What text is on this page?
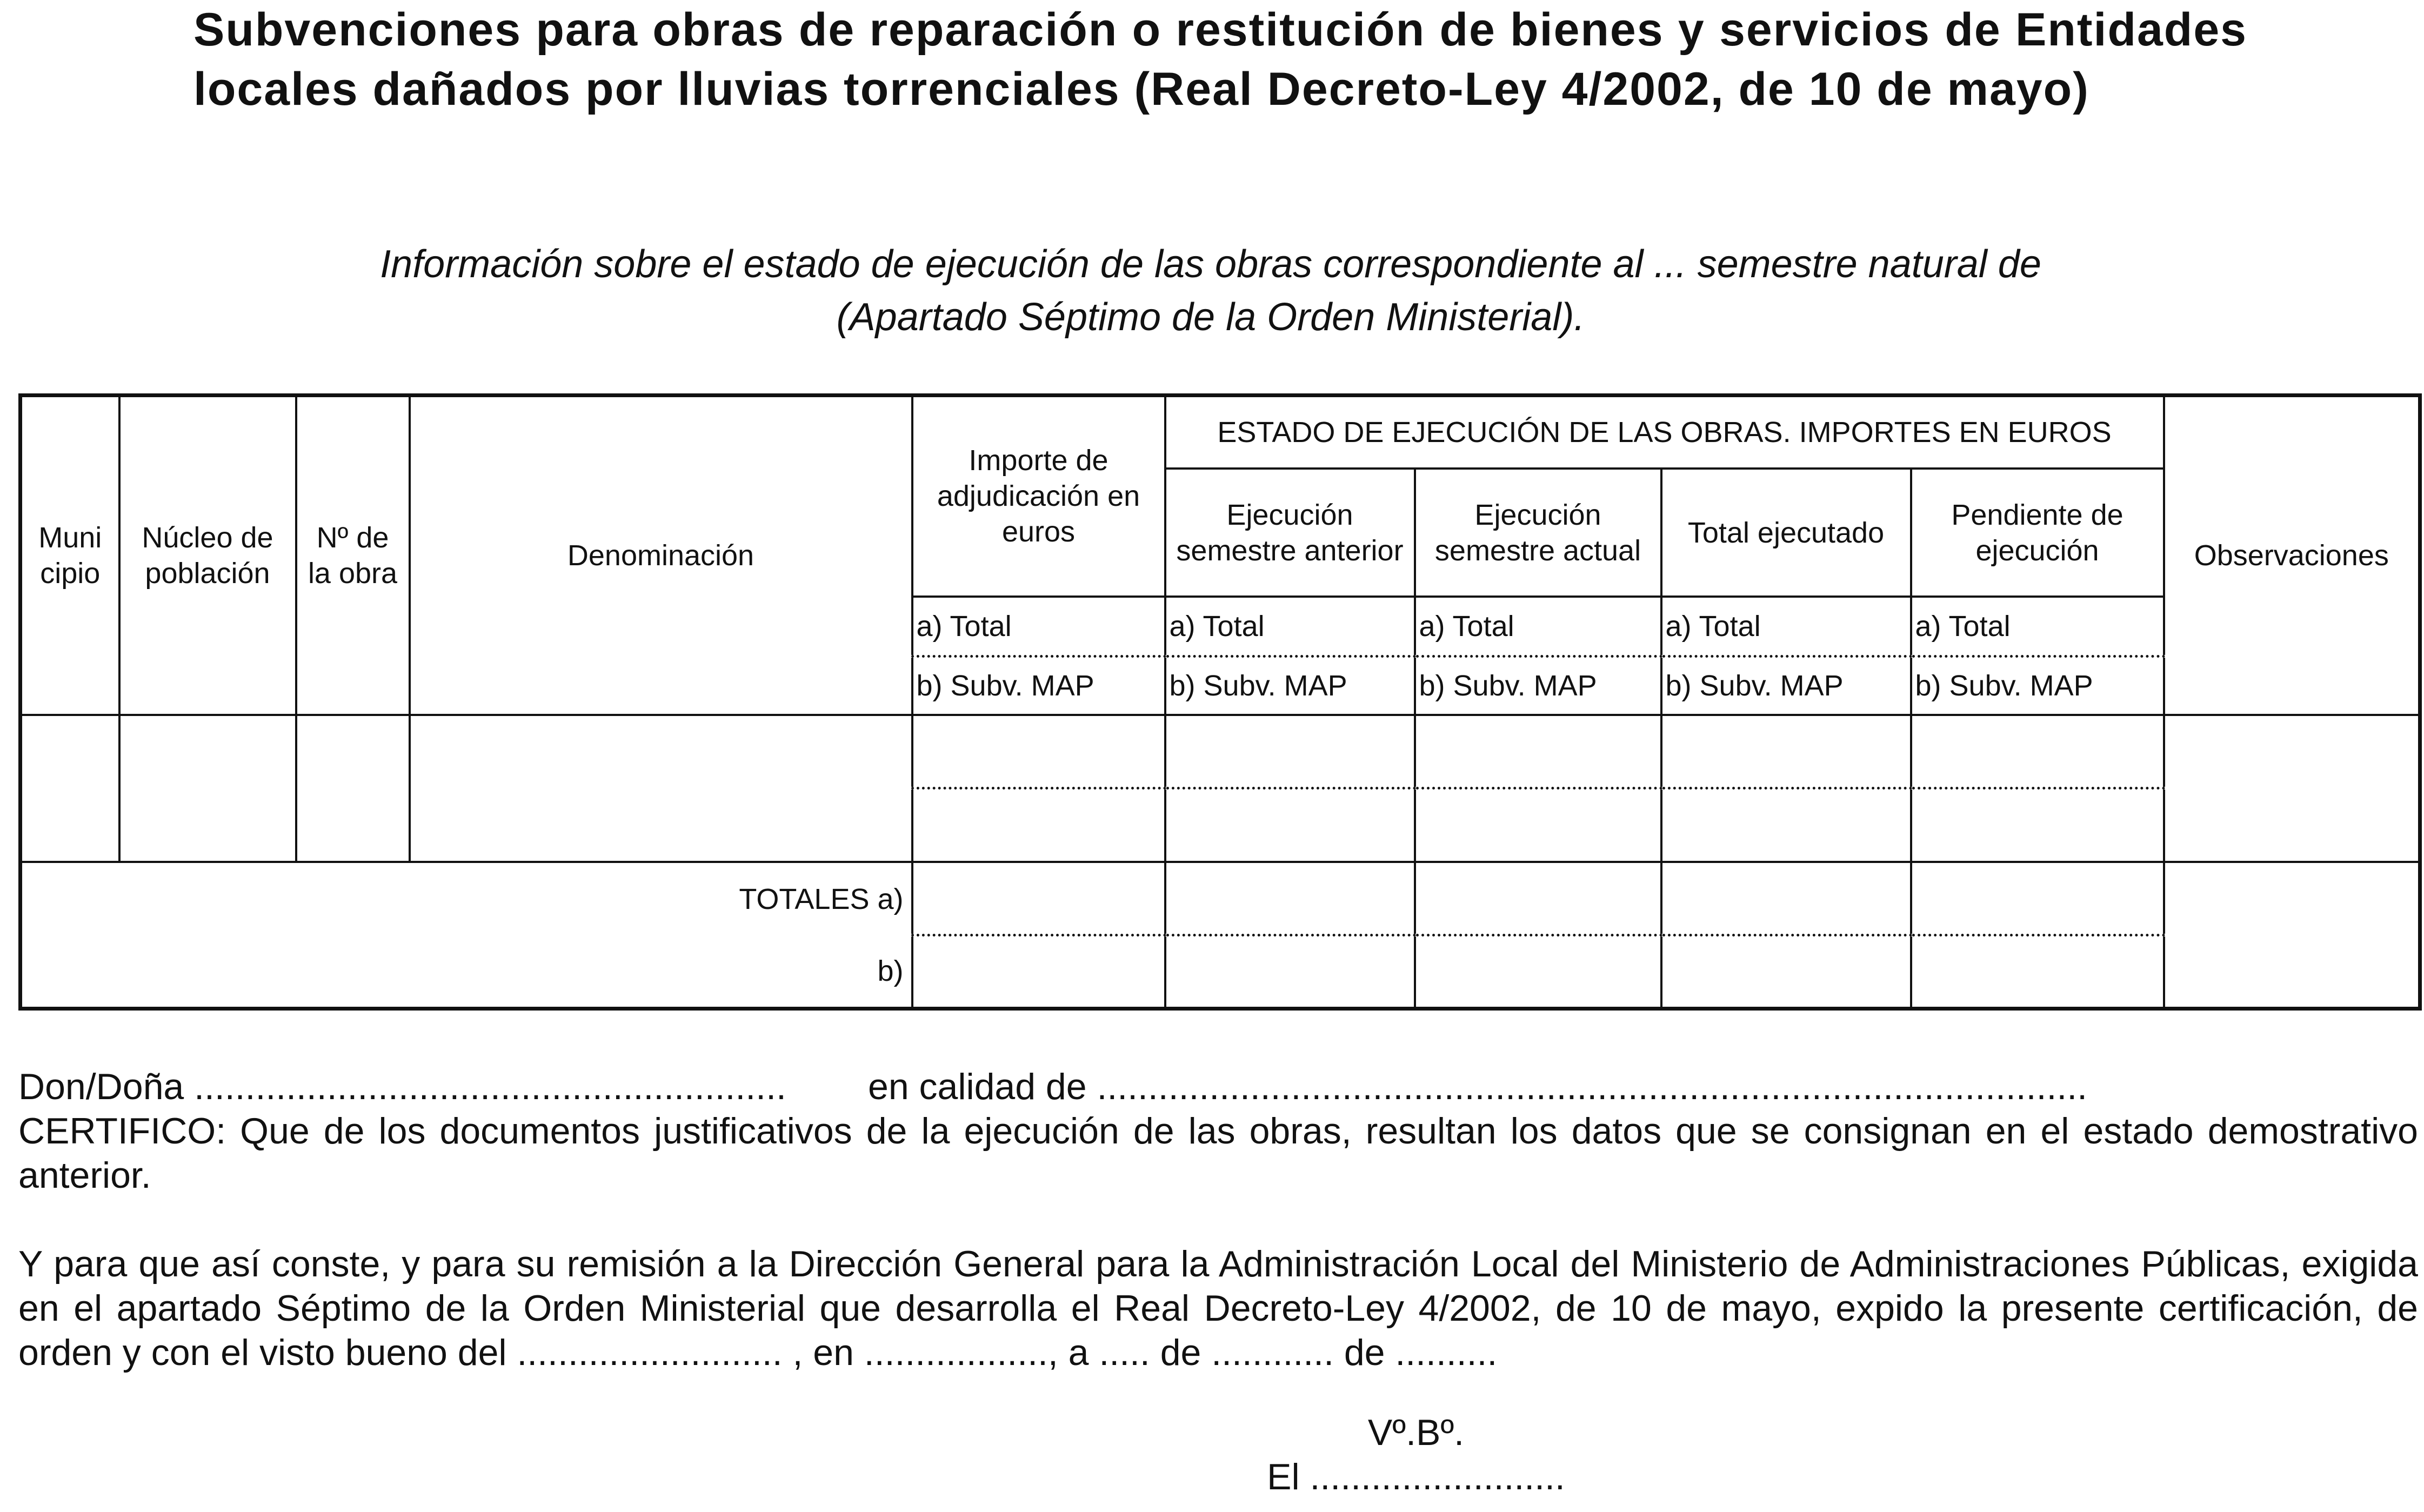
Subvenciones para obras de reparación o restitución de bienes y servicios de Entidades locales dañados por lluvias torrenciales (Real Decreto-Ley 4/2002, de 10 de mayo)
Información sobre el estado de ejecución de las obras correspondiente al ... semestre natural de
(Apartado Séptimo de la Orden Ministerial).
Muni cipio	Núcleo de población	Nº de la obra	Denominación	Importe de adjudicación en euros	ESTADO DE EJECUCIÓN DE LAS OBRAS. IMPORTES EN EUROS				Observaciones
					Ejecución semestre anterior	Ejecución semestre actual	Total ejecutado	Pendiente de ejecución	
				a) Total	a) Total	a) Total	a) Total	a) Total	
				b) Subv. MAP	b) Subv. MAP	b) Subv. MAP	b) Subv. MAP	b) Subv. MAP	

TOTALES a)									
b)									

Don/Doña .......................................................... en calidad de .................................................................................................

CERTIFICO: Que de los documentos justificativos de la ejecución de las obras, resultan los datos que se consignan en el estado demostrativo anterior.

Y para que así conste, y para su remisión a la Dirección General para la Administración Local del Ministerio de Administraciones Públicas, exigida en el apartado Séptimo de la Orden Ministerial que desarrolla el Real Decreto-Ley 4/2002, de 10 de mayo, expido la presente certificación, de orden y con el visto bueno del .......................... , en .................., a ..... de ............ de ..........

Vº.Bº.
El .........................
